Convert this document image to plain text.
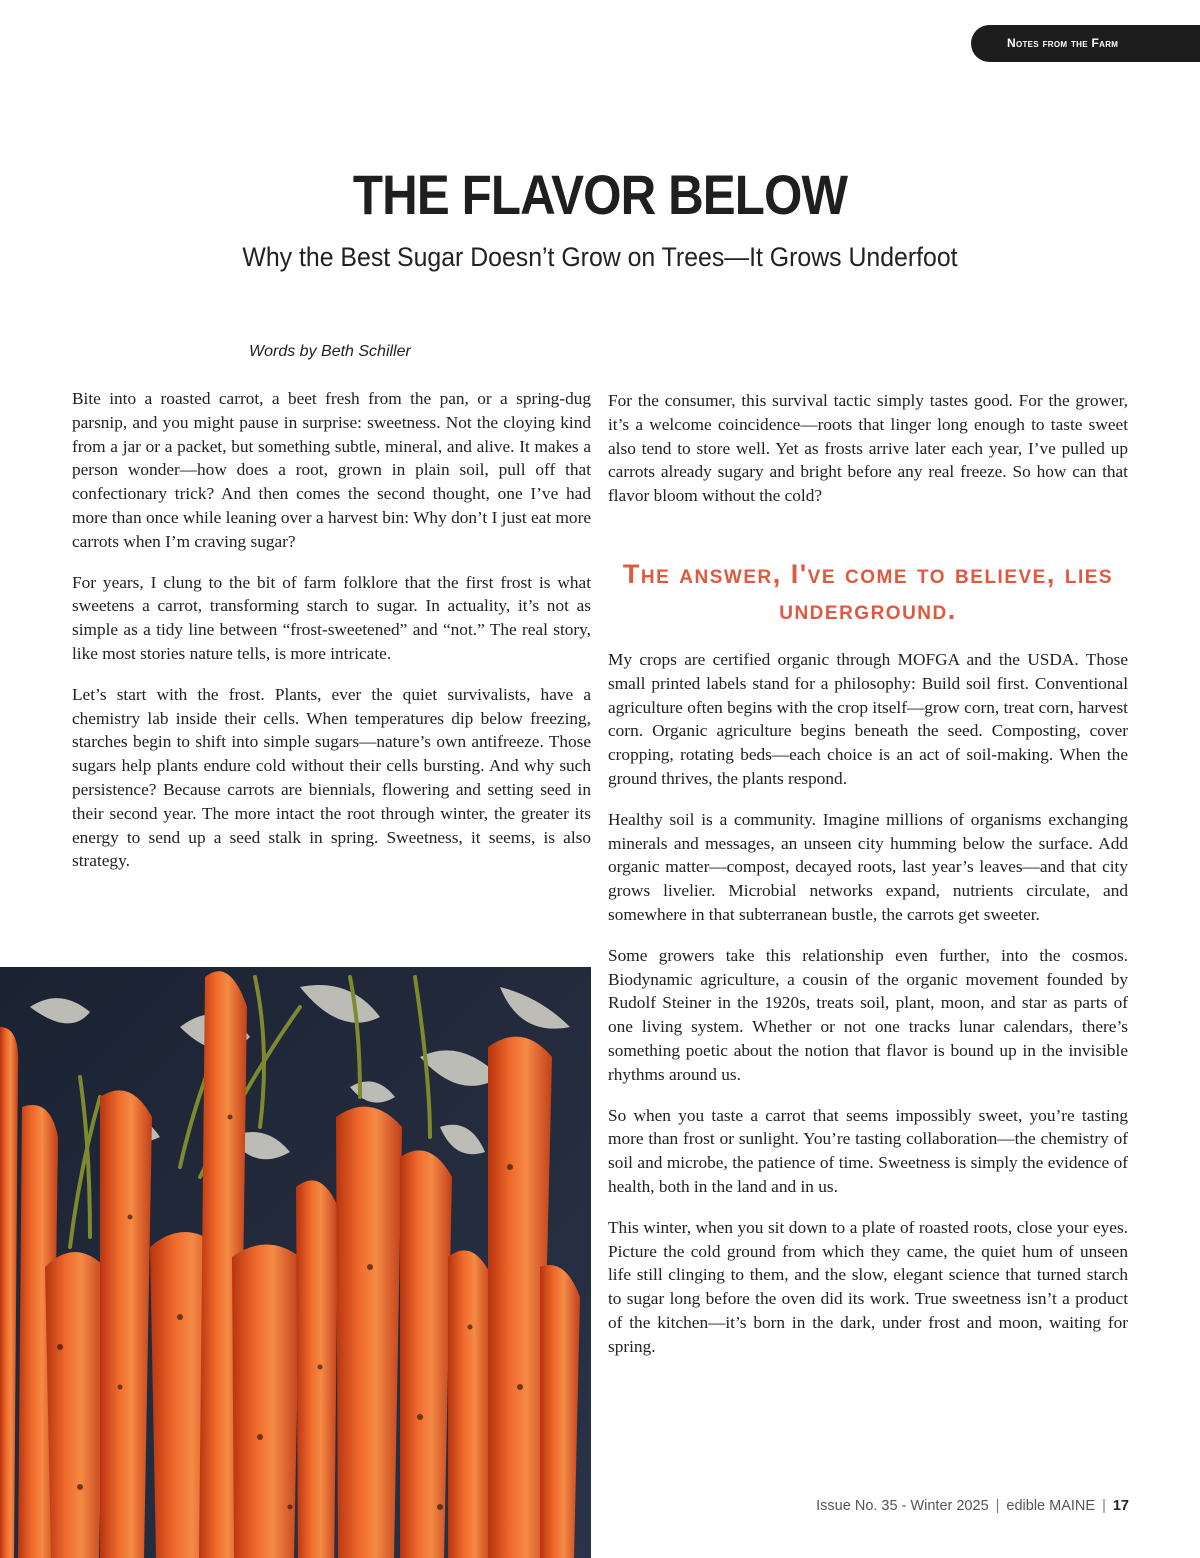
Notes from the Farm
THE FLAVOR BELOW
Why the Best Sugar Doesn’t Grow on Trees—It Grows Underfoot
Words by Beth Schiller

Bite into a roasted carrot, a beet fresh from the pan, or a spring-dug parsnip, and you might pause in surprise: sweetness. Not the cloying kind from a jar or a packet, but something subtle, mineral, and alive. It makes a person wonder—how does a root, grown in plain soil, pull off that confectionary trick? And then comes the second thought, one I’ve had more than once while leaning over a harvest bin: Why don’t I just eat more carrots when I’m craving sugar?

For years, I clung to the bit of farm folklore that the first frost is what sweetens a carrot, transforming starch to sugar. In actuality, it’s not as simple as a tidy line between “frost-sweetened” and “not.” The real story, like most stories nature tells, is more intricate.

Let’s start with the frost. Plants, ever the quiet survivalists, have a chemistry lab inside their cells. When temperatures dip below freezing, starches begin to shift into simple sugars—nature’s own antifreeze. Those sugars help plants endure cold without their cells bursting. And why such persistence? Because carrots are biennials, flowering and setting seed in their second year. The more intact the root through winter, the greater its energy to send up a seed stalk in spring. Sweetness, it seems, is also strategy.

For the consumer, this survival tactic simply tastes good. For the grower, it’s a welcome coincidence—roots that linger long enough to taste sweet also tend to store well. Yet as frosts arrive later each year, I’ve pulled up carrots already sugary and bright before any real freeze. So how can that flavor bloom without the cold?

The answer, I've come to believe, lies underground.

My crops are certified organic through MOFGA and the USDA. Those small printed labels stand for a philosophy: Build soil first. Conventional agriculture often begins with the crop itself—grow corn, treat corn, harvest corn. Organic agriculture begins beneath the seed. Composting, cover cropping, rotating beds—each choice is an act of soil-making. When the ground thrives, the plants respond.

Healthy soil is a community. Imagine millions of organisms exchanging minerals and messages, an unseen city humming below the surface. Add organic matter—compost, decayed roots, last year’s leaves—and that city grows livelier. Microbial networks expand, nutrients circulate, and somewhere in that subterranean bustle, the carrots get sweeter.

Some growers take this relationship even further, into the cosmos. Biodynamic agriculture, a cousin of the organic movement founded by Rudolf Steiner in the 1920s, treats soil, plant, moon, and star as parts of one living system. Whether or not one tracks lunar calendars, there’s something poetic about the notion that flavor is bound up in the invisible rhythms around us.

So when you taste a carrot that seems impossibly sweet, you’re tasting more than frost or sunlight. You’re tasting collaboration—the chemistry of soil and microbe, the patience of time. Sweetness is simply the evidence of health, both in the land and in us.

This winter, when you sit down to a plate of roasted roots, close your eyes. Picture the cold ground from which they came, the quiet hum of unseen life still clinging to them, and the slow, elegant science that turned starch to sugar long before the oven did its work. True sweetness isn’t a product of the kitchen—it’s born in the dark, under frost and moon, waiting for spring.

Issue No. 35 - Winter 2025 | edible MAINE | 17
